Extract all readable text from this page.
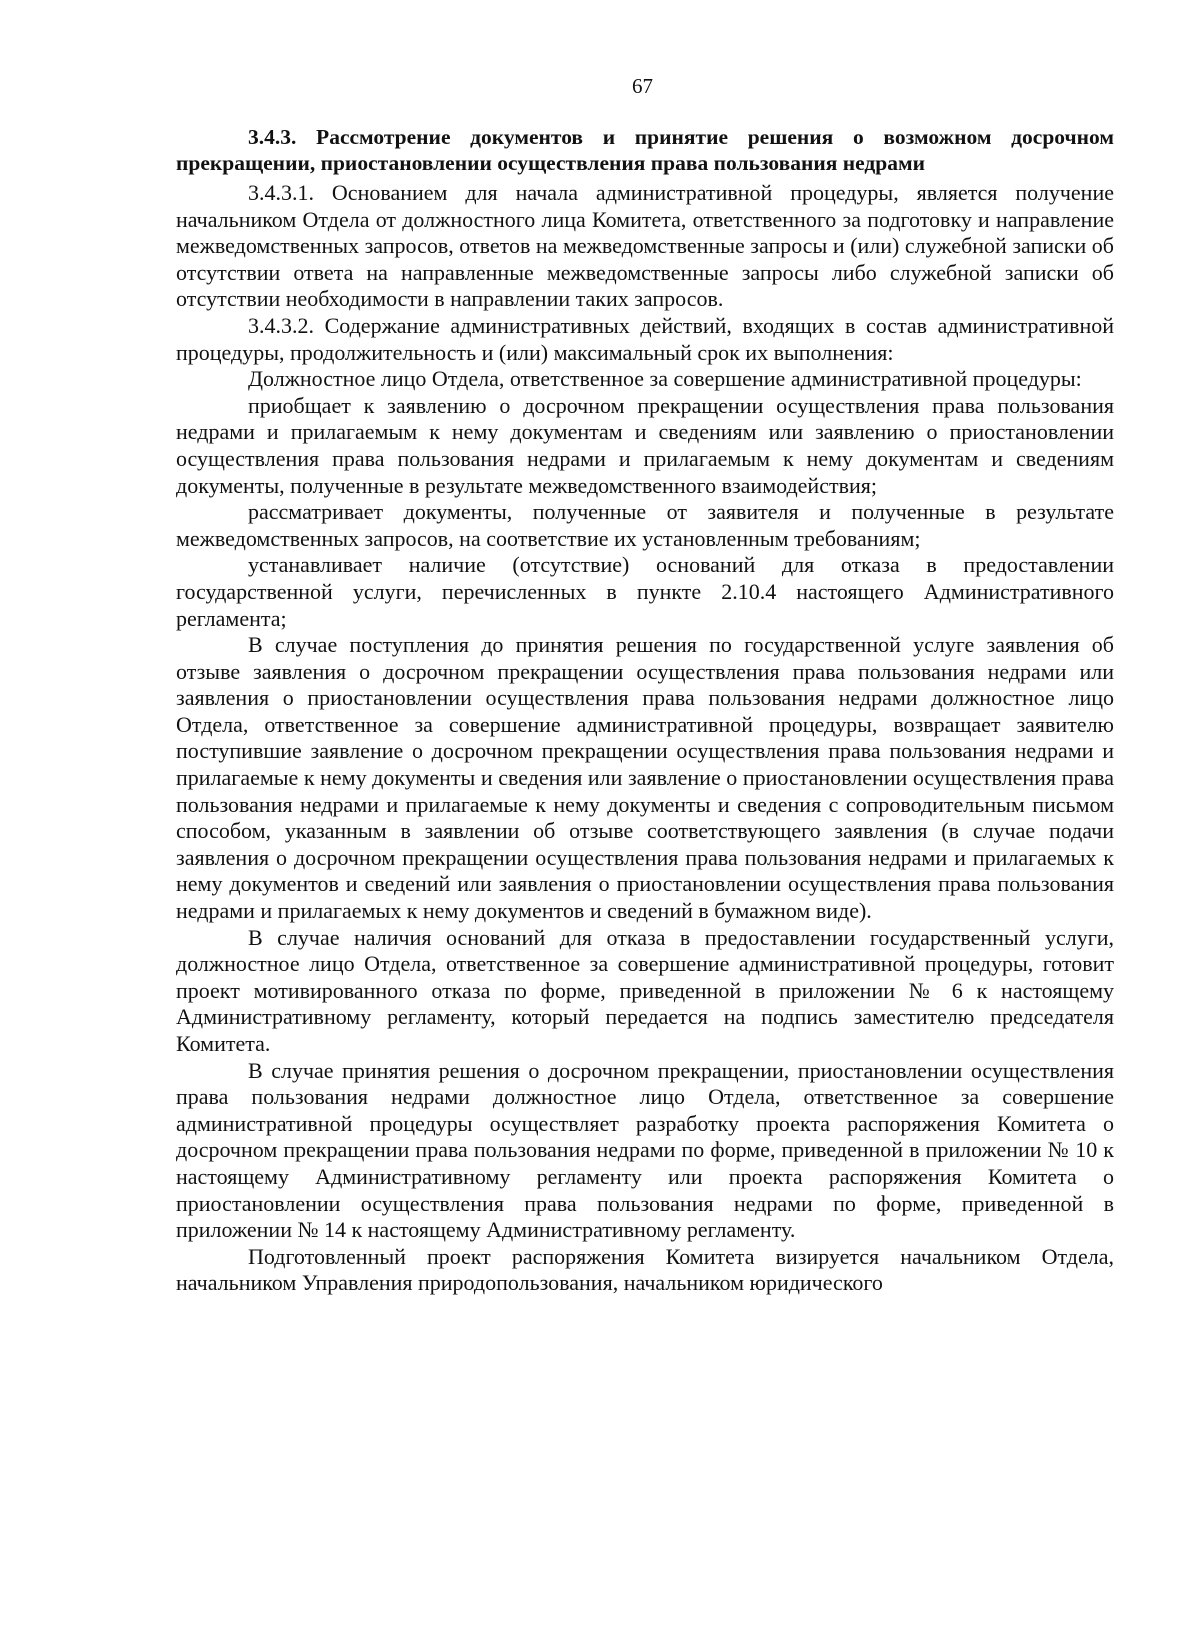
67

3.4.3. Рассмотрение документов и принятие решения о возможном досрочном прекращении, приостановлении осуществления права пользования недрами

3.4.3.1. Основанием для начала административной процедуры, является получение начальником Отдела от должностного лица Комитета, ответственного за подготовку и направление межведомственных запросов, ответов на межведомственные запросы и (или) служебной записки об отсутствии ответа на направленные межведомственные запросы либо служебной записки об отсутствии необходимости в направлении таких запросов.

3.4.3.2. Содержание административных действий, входящих в состав административной процедуры, продолжительность и (или) максимальный срок их выполнения:

Должностное лицо Отдела, ответственное за совершение административной процедуры:

приобщает к заявлению о досрочном прекращении осуществления права пользования недрами и прилагаемым к нему документам и сведениям или заявлению о приостановлении осуществления права пользования недрами и прилагаемым к нему документам и сведениям документы, полученные в результате межведомственного взаимодействия;

рассматривает документы, полученные от заявителя и полученные в результате межведомственных запросов, на соответствие их установленным требованиям;

устанавливает наличие (отсутствие) оснований для отказа в предоставлении государственной услуги, перечисленных в пункте 2.10.4 настоящего Административного регламента;

В случае поступления до принятия решения по государственной услуге заявления об отзыве заявления о досрочном прекращении осуществления права пользования недрами или заявления о приостановлении осуществления права пользования недрами должностное лицо Отдела, ответственное за совершение административной процедуры, возвращает заявителю поступившие заявление о досрочном прекращении осуществления права пользования недрами и прилагаемые к нему документы и сведения или заявление о приостановлении осуществления права пользования недрами и прилагаемые к нему документы и сведения с сопроводительным письмом способом, указанным в заявлении об отзыве соответствующего заявления (в случае подачи заявления о досрочном прекращении осуществления права пользования недрами и прилагаемых к нему документов и сведений или заявления о приостановлении осуществления права пользования недрами и прилагаемых к нему документов и сведений в бумажном виде).

В случае наличия оснований для отказа в предоставлении государственный услуги, должностное лицо Отдела, ответственное за совершение административной процедуры, готовит проект мотивированного отказа по форме, приведенной в приложении № 6 к настоящему Административному регламенту, который передается на подпись заместителю председателя Комитета.

В случае принятия решения о досрочном прекращении, приостановлении осуществления права пользования недрами должностное лицо Отдела, ответственное за совершение административной процедуры осуществляет разработку проекта распоряжения Комитета о досрочном прекращении права пользования недрами по форме, приведенной в приложении № 10 к настоящему Административному регламенту или проекта распоряжения Комитета о приостановлении осуществления права пользования недрами по форме, приведенной в приложении № 14 к настоящему Административному регламенту.

Подготовленный проект распоряжения Комитета визируется начальником Отдела, начальником Управления природопользования, начальником юридического
